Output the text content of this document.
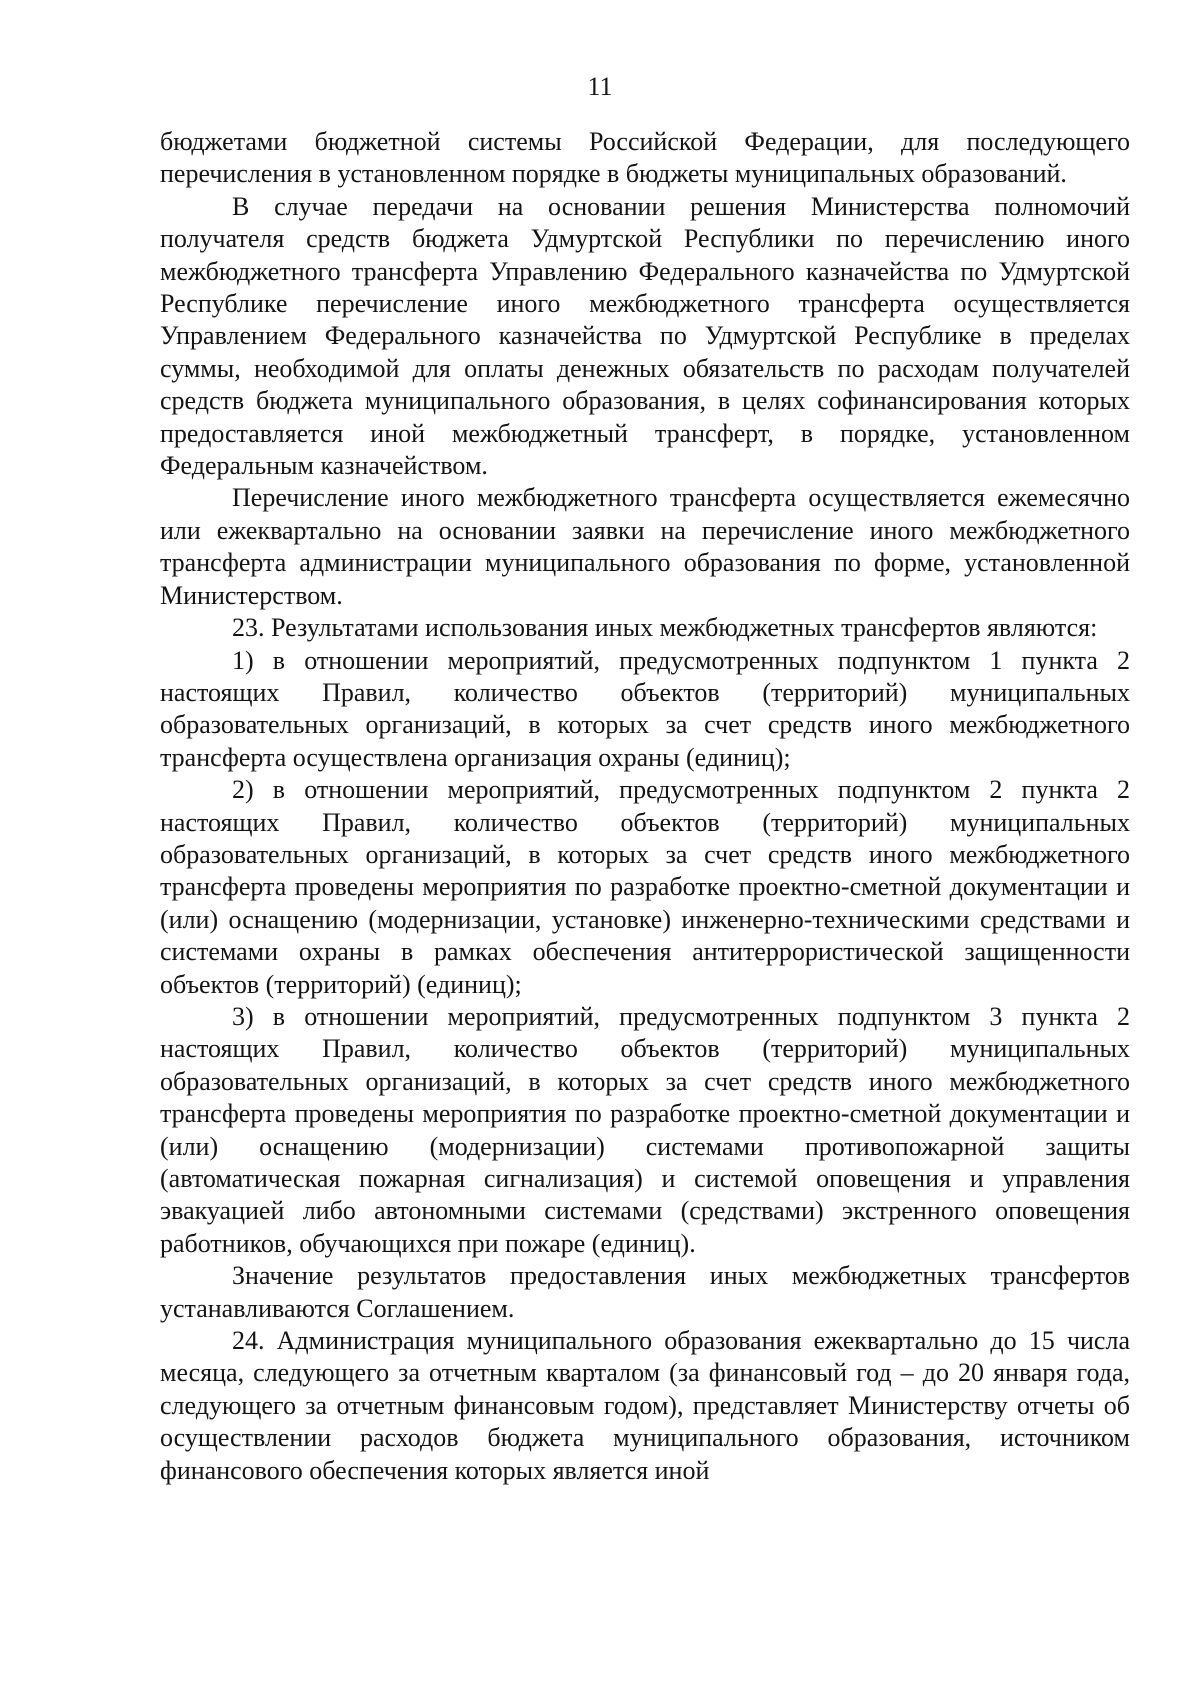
11

бюджетами бюджетной системы Российской Федерации, для последующего перечисления в установленном порядке в бюджеты муниципальных образований.

В случае передачи на основании решения Министерства полномочий получателя средств бюджета Удмуртской Республики по перечислению иного межбюджетного трансферта Управлению Федерального казначейства по Удмуртской Республике перечисление иного межбюджетного трансферта осуществляется Управлением Федерального казначейства по Удмуртской Республике в пределах суммы, необходимой для оплаты денежных обязательств по расходам получателей средств бюджета муниципального образования, в целях софинансирования которых предоставляется иной межбюджетный трансферт, в порядке, установленном Федеральным казначейством.

Перечисление иного межбюджетного трансферта осуществляется ежемесячно или ежеквартально на основании заявки на перечисление иного межбюджетного трансферта администрации муниципального образования по форме, установленной Министерством.

23. Результатами использования иных межбюджетных трансфертов являются:

1) в отношении мероприятий, предусмотренных подпунктом 1 пункта 2 настоящих Правил, количество объектов (территорий) муниципальных образовательных организаций, в которых за счет средств иного межбюджетного трансферта осуществлена организация охраны (единиц);

2) в отношении мероприятий, предусмотренных подпунктом 2 пункта 2 настоящих Правил, количество объектов (территорий) муниципальных образовательных организаций, в которых за счет средств иного межбюджетного трансферта проведены мероприятия по разработке проектно-сметной документации и (или) оснащению (модернизации, установке) инженерно-техническими средствами и системами охраны в рамках обеспечения антитеррористической защищенности объектов (территорий) (единиц);

3) в отношении мероприятий, предусмотренных подпунктом 3 пункта 2 настоящих Правил, количество объектов (территорий) муниципальных образовательных организаций, в которых за счет средств иного межбюджетного трансферта проведены мероприятия по разработке проектно-сметной документации и (или) оснащению (модернизации) системами противопожарной защиты (автоматическая пожарная сигнализация) и системой оповещения и управления эвакуацией либо автономными системами (средствами) экстренного оповещения работников, обучающихся при пожаре (единиц).

Значение результатов предоставления иных межбюджетных трансфертов устанавливаются Соглашением.

24. Администрация муниципального образования ежеквартально до 15 числа месяца, следующего за отчетным кварталом (за финансовый год – до 20 января года, следующего за отчетным финансовым годом), представляет Министерству отчеты об осуществлении расходов бюджета муниципального образования, источником финансового обеспечения которых является иной
